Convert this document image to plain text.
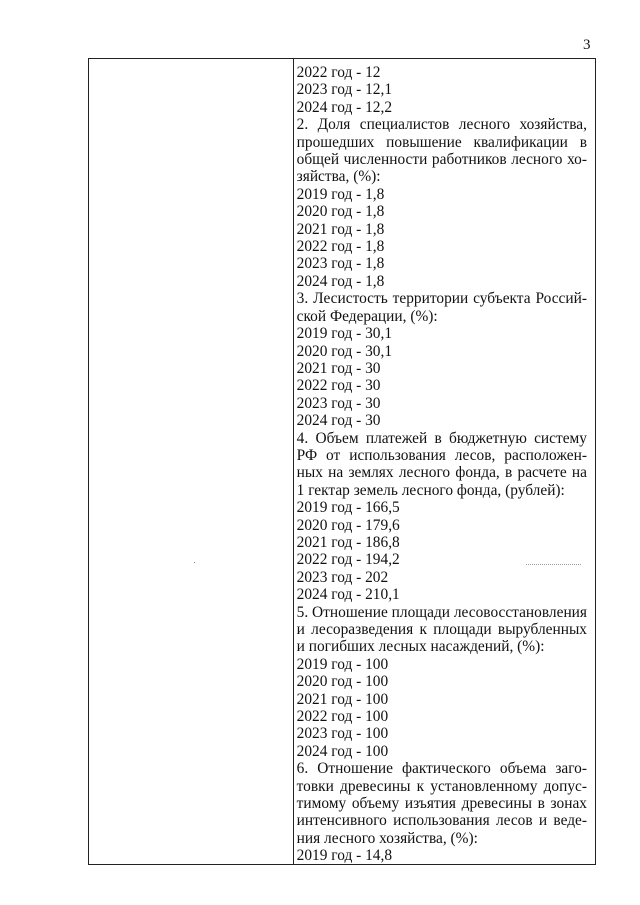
3
2022 год - 12
2023 год - 12,1
2024 год - 12,2
2. Доля специалистов лесного хозяйства,
прошедших повышение квалификации в
общей численности работников лесного хо-
зяйства, (%):
2019 год - 1,8
2020 год - 1,8
2021 год - 1,8
2022 год - 1,8
2023 год - 1,8
2024 год - 1,8
3. Лесистость территории субъекта Россий-
ской Федерации, (%):
2019 год - 30,1
2020 год - 30,1
2021 год - 30
2022 год - 30
2023 год - 30
2024 год - 30
4. Объем платежей в бюджетную систему
РФ от использования лесов, расположен-
ных на землях лесного фонда, в расчете на
1 гектар земель лесного фонда, (рублей):
2019 год - 166,5
2020 год - 179,6
2021 год - 186,8
2022 год - 194,2
2023 год - 202
2024 год - 210,1
5. Отношение площади лесовосстановления
и лесоразведения к площади вырубленных
и погибших лесных насаждений, (%):
2019 год - 100
2020 год - 100
2021 год - 100
2022 год - 100
2023 год - 100
2024 год - 100
6. Отношение фактического объема заго-
товки древесины к установленному допус-
тимому объему изъятия древесины в зонах
интенсивного использования лесов и веде-
ния лесного хозяйства, (%):
2019 год - 14,8
